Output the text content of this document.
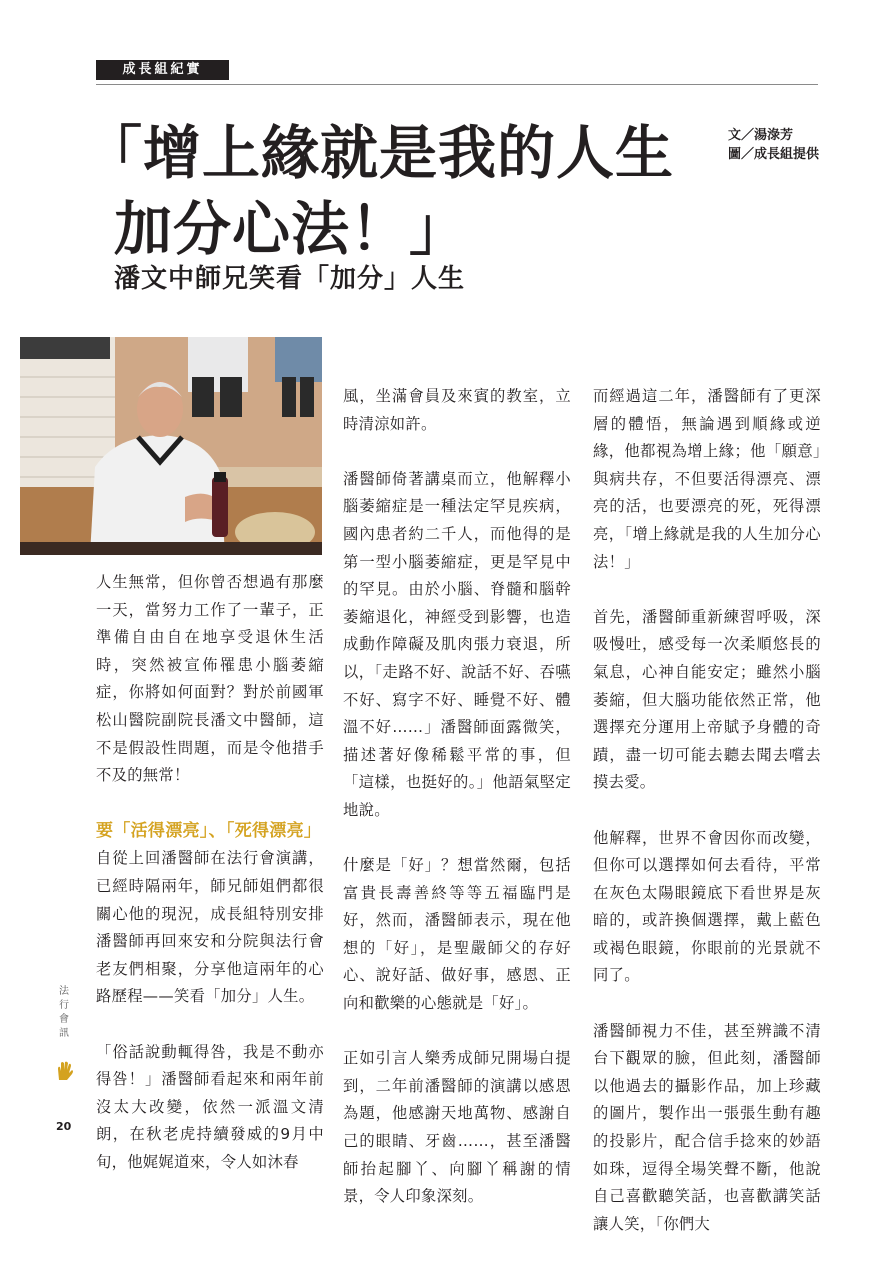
成長組紀實
「增上緣就是我的人生
加分心法！」
潘文中師兄笑看「加分」人生
文／湯淥芳
圖／成長組提供

人生無常，但你曾否想過有那麼一天，當努力工作了一輩子，正準備自由自在地享受退休生活時，突然被宣佈罹患小腦萎縮症，你將如何面對？對於前國軍松山醫院副院長潘文中醫師，這不是假設性問題，而是令他措手不及的無常！

要「活得漂亮」、「死得漂亮」

自從上回潘醫師在法行會演講，已經時隔兩年，師兄師姐們都很關心他的現況，成長組特別安排潘醫師再回來安和分院與法行會老友們相聚，分享他這兩年的心路歷程——笑看「加分」人生。

「俗話說動輒得咎，我是不動亦得咎！」潘醫師看起來和兩年前沒太大改變，依然一派溫文清朗，在秋老虎持續發威的9月中旬，他娓娓道來，令人如沐春

風，坐滿會員及來賓的教室，立時清涼如許。

潘醫師倚著講桌而立，他解釋小腦萎縮症是一種法定罕見疾病，國內患者約二千人，而他得的是第一型小腦萎縮症，更是罕見中的罕見。由於小腦、脊髓和腦幹萎縮退化，神經受到影響，也造成動作障礙及肌肉張力衰退，所以，「走路不好、說話不好、吞嚥不好、寫字不好、睡覺不好、體溫不好……」潘醫師面露微笑，描述著好像稀鬆平常的事，但「這樣，也挺好的。」他語氣堅定地說。

什麼是「好」？想當然爾，包括富貴長壽善終等等五福臨門是好，然而，潘醫師表示，現在他想的「好」，是聖嚴師父的存好心、說好話、做好事，感恩、正向和歡樂的心態就是「好」。

正如引言人樂秀成師兄開場白提到，二年前潘醫師的演講以感恩為題，他感謝天地萬物、感謝自己的眼睛、牙齒……，甚至潘醫師抬起腳丫、向腳丫稱謝的情景，令人印象深刻。

而經過這二年，潘醫師有了更深層的體悟，無論遇到順緣或逆緣，他都視為增上緣；他「願意」與病共存，不但要活得漂亮、漂亮的活，也要漂亮的死，死得漂亮，「增上緣就是我的人生加分心法！」

首先，潘醫師重新練習呼吸，深吸慢吐，感受每一次柔順悠長的氣息，心神自能安定；雖然小腦萎縮，但大腦功能依然正常，他選擇充分運用上帝賦予身體的奇蹟，盡一切可能去聽去聞去嚐去摸去愛。

他解釋，世界不會因你而改變，但你可以選擇如何去看待，平常在灰色太陽眼鏡底下看世界是灰暗的，或許換個選擇，戴上藍色或褐色眼鏡，你眼前的光景就不同了。

潘醫師視力不佳，甚至辨識不清台下觀眾的臉，但此刻，潘醫師以他過去的攝影作品，加上珍藏的圖片，製作出一張張生動有趣的投影片，配合信手捻來的妙語如珠，逗得全場笑聲不斷，他說自己喜歡聽笑話，也喜歡講笑話讓人笑，「你們大

法行會訊
20
